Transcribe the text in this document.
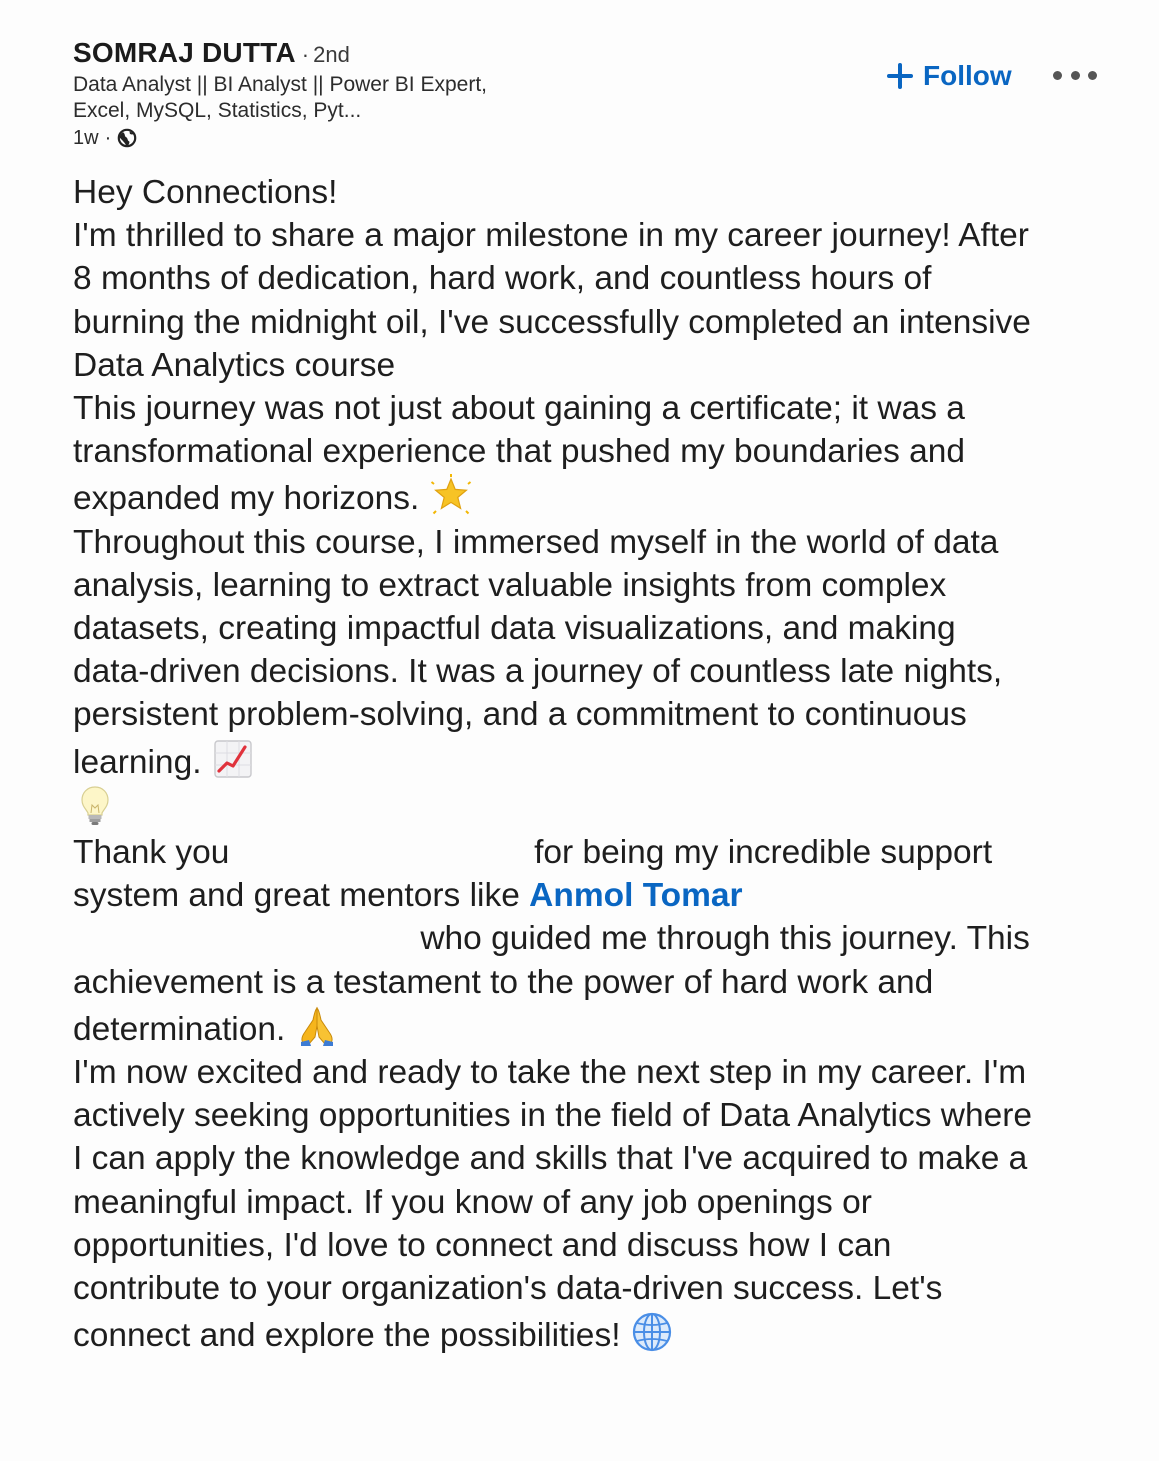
SOMRAJ DUTTA · 2nd
Data Analyst || BI Analyst || Power BI Expert, Excel, MySQL, Statistics, Pyt...
1w ·
Follow

Hey Connections!

I'm thrilled to share a major milestone in my career journey! After 8 months of dedication, hard work, and countless hours of burning the midnight oil, I've successfully completed an intensive Data Analytics course

This journey was not just about gaining a certificate; it was a transformational experience that pushed my boundaries and expanded my horizons.

Throughout this course, I immersed myself in the world of data analysis, learning to extract valuable insights from complex datasets, creating impactful data visualizations, and making data-driven decisions. It was a journey of countless late nights, persistent problem-solving, and a commitment to continuous learning.

Thank you	for being my incredible support system and great mentors like Anmol Tomar
who guided me through this journey. This achievement is a testament to the power of hard work and determination.

I'm now excited and ready to take the next step in my career. I'm actively seeking opportunities in the field of Data Analytics where I can apply the knowledge and skills that I've acquired to make a meaningful impact. If you know of any job openings or opportunities, I'd love to connect and discuss how I can contribute to your organization's data-driven success. Let's connect and explore the possibilities!
